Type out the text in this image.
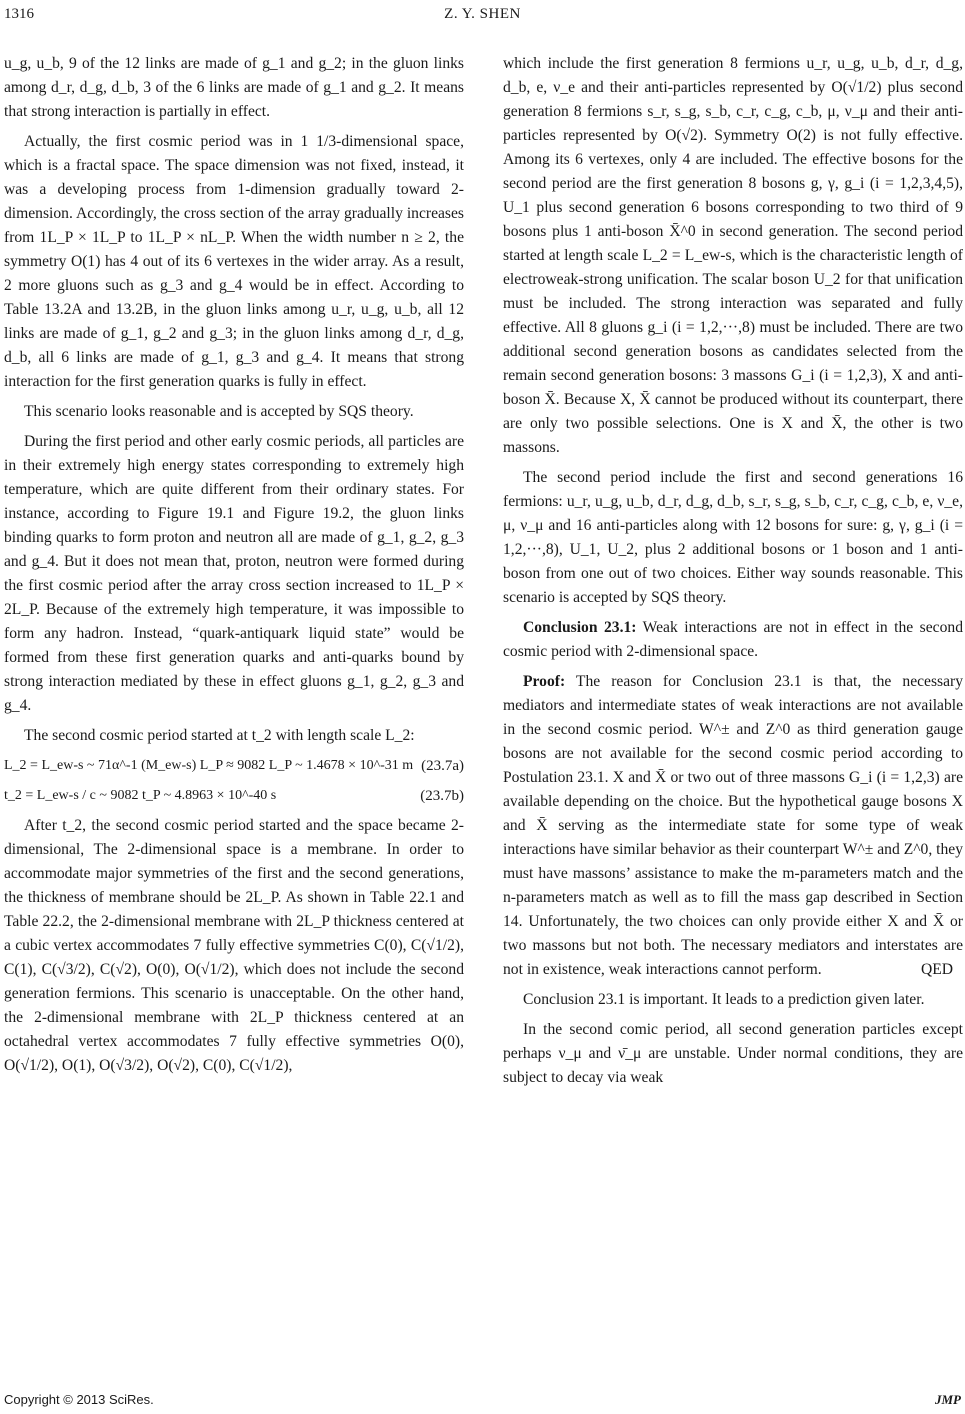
1316	Z. Y. SHEN

u_g, u_b, 9 of the 12 links are made of g_1 and g_2; in the gluon links among d_r, d_g, d_b, 3 of the 6 links are made of g_1 and g_2. It means that strong interaction is partially in effect.

Actually, the first cosmic period was in 1 1/3-dimensional space, which is a fractal space. The space dimension was not fixed, instead, it was a developing process from 1-dimension gradually toward 2-dimension. Accordingly, the cross section of the array gradually increases from 1L_P × 1L_P to 1L_P × nL_P. When the width number n ≥ 2, the symmetry O(1) has 4 out of its 6 vertexes in the wider array. As a result, 2 more gluons such as g_3 and g_4 would be in effect. According to Table 13.2A and 13.2B, in the gluon links among u_r, u_g, u_b, all 12 links are made of g_1, g_2 and g_3; in the gluon links among d_r, d_g, d_b, all 6 links are made of g_1, g_3 and g_4. It means that strong interaction for the first generation quarks is fully in effect.

This scenario looks reasonable and is accepted by SQS theory.

During the first period and other early cosmic periods, all particles are in their extremely high energy states corresponding to extremely high temperature, which are quite different from their ordinary states. For instance, according to Figure 19.1 and Figure 19.2, the gluon links binding quarks to form proton and neutron all are made of g_1, g_2, g_3 and g_4. But it does not mean that, proton, neutron were formed during the first cosmic period after the array cross section increased to 1L_P × 2L_P. Because of the extremely high temperature, it was impossible to form any hadron. Instead, “quark-antiquark liquid state” would be formed from these first generation quarks and anti-quarks bound by strong interaction mediated by these in effect gluons g_1, g_2, g_3 and g_4.

The second cosmic period started at t_2 with length scale L_2:

L_2 = L_ew-s ~ 71α^-1 (M_ew-s) L_P ≈ 9082 L_P ~ 1.4678 × 10^-31 m (23.7a)
t_2 = L_ew-s / c ~ 9082 t_P ~ 4.8963 × 10^-40 s	(23.7b)

After t_2, the second cosmic period started and the space became 2-dimensional, The 2-dimensional space is a membrane. In order to accommodate major symmetries of the first and the second generations, the thickness of membrane should be 2L_P. As shown in Table 22.1 and Table 22.2, the 2-dimensional membrane with 2L_P thickness centered at a cubic vertex accommodates 7 fully effective symmetries C(0), C(√1/2), C(1), C(√3/2), C(√2), O(0), O(√1/2), which does not include the second generation fermions. This scenario is unacceptable. On the other hand, the 2-dimensional membrane with 2L_P thickness centered at an octahedral vertex accommodates 7 fully effective symmetries O(0), O(√1/2), O(1), O(√3/2), O(√2), C(0), C(√1/2),

which include the first generation 8 fermions u_r, u_g, u_b, d_r, d_g, d_b, e, ν_e and their anti-particles represented by O(√1/2) plus second generation 8 fermions s_r, s_g, s_b, c_r, c_g, c_b, μ, ν_μ and their anti-particles represented by O(√2). Symmetry O(2) is not fully effective. Among its 6 vertexes, only 4 are included. The effective bosons for the second period are the first generation 8 bosons g, γ, g_i (i = 1,2,3,4,5), U_1 plus second generation 6 bosons corresponding to two third of 9 bosons plus 1 anti-boson X̄^0 in second generation. The second period started at length scale L_2 = L_ew-s, which is the characteristic length of electroweak-strong unification. The scalar boson U_2 for that unification must be included. The strong interaction was separated and fully effective. All 8 gluons g_i (i = 1,2,···,8) must be included. There are two additional second generation bosons as candidates selected from the remain second generation bosons: 3 massons G_i (i = 1,2,3), X and anti-boson X̄. Because X, X̄ cannot be produced without its counterpart, there are only two possible selections. One is X and X̄, the other is two massons.

The second period include the first and second generations 16 fermions: u_r, u_g, u_b, d_r, d_g, d_b, s_r, s_g, s_b, c_r, c_g, c_b, e, ν_e, μ, ν_μ and 16 anti-particles along with 12 bosons for sure: g, γ, g_i (i = 1,2,···,8), U_1, U_2, plus 2 additional bosons or 1 boson and 1 anti-boson from one out of two choices. Either way sounds reasonable. This scenario is accepted by SQS theory.

Conclusion 23.1: Weak interactions are not in effect in the second cosmic period with 2-dimensional space.

Proof: The reason for Conclusion 23.1 is that, the necessary mediators and intermediate states of weak interactions are not available in the second cosmic period. W^± and Z^0 as third generation gauge bosons are not available for the second cosmic period according to Postulation 23.1. X and X̄ or two out of three massons G_i (i = 1,2,3) are available depending on the choice. But the hypothetical gauge bosons X and X̄ serving as the intermediate state for some type of weak interactions have similar behavior as their counterpart W^± and Z^0, they must have massons’ assistance to make the m-parameters match and the n-parameters match as well as to fill the mass gap described in Section 14. Unfortunately, the two choices can only provide either X and X̄ or two massons but not both. The necessary mediators and interstates are not in existence, weak interactions cannot perform.	QED

Conclusion 23.1 is important. It leads to a prediction given later.

In the second comic period, all second generation particles except perhaps ν_μ and ν̄_μ are unstable. Under normal conditions, they are subject to decay via weak

Copyright © 2013 SciRes.	JMP
